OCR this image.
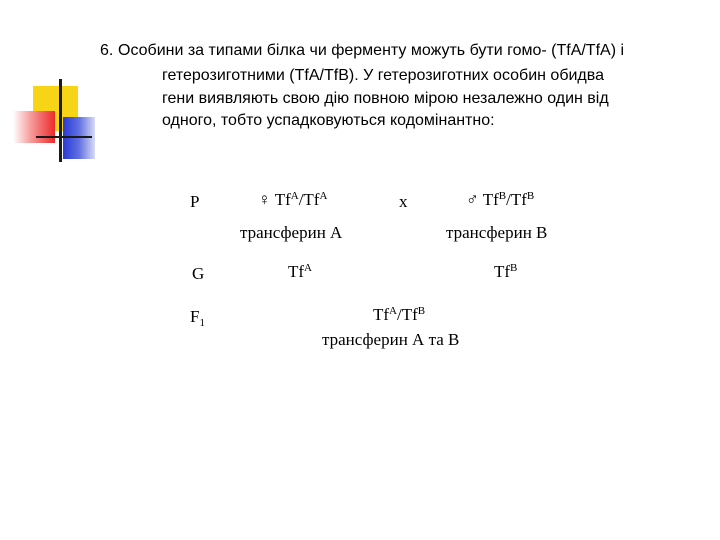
6. Особини за типами білка чи ферменту можуть бути гомо- (TfA/TfA) і
гетерозиготними (TfA/TfB). У гетерозиготних особин обидва
гени виявляють свою дію повною мірою незалежно один від
одного, тобто успадковуються кодомінантно:
P	♀ $Tf^A/Tf^A$	x	♂ $Tf^B/Tf^B$
трансферин А	трансферин В
G	$Tf^A$	$Tf^B$
$F_1$	$Tf^A/Tf^B$
трансферин А та В
